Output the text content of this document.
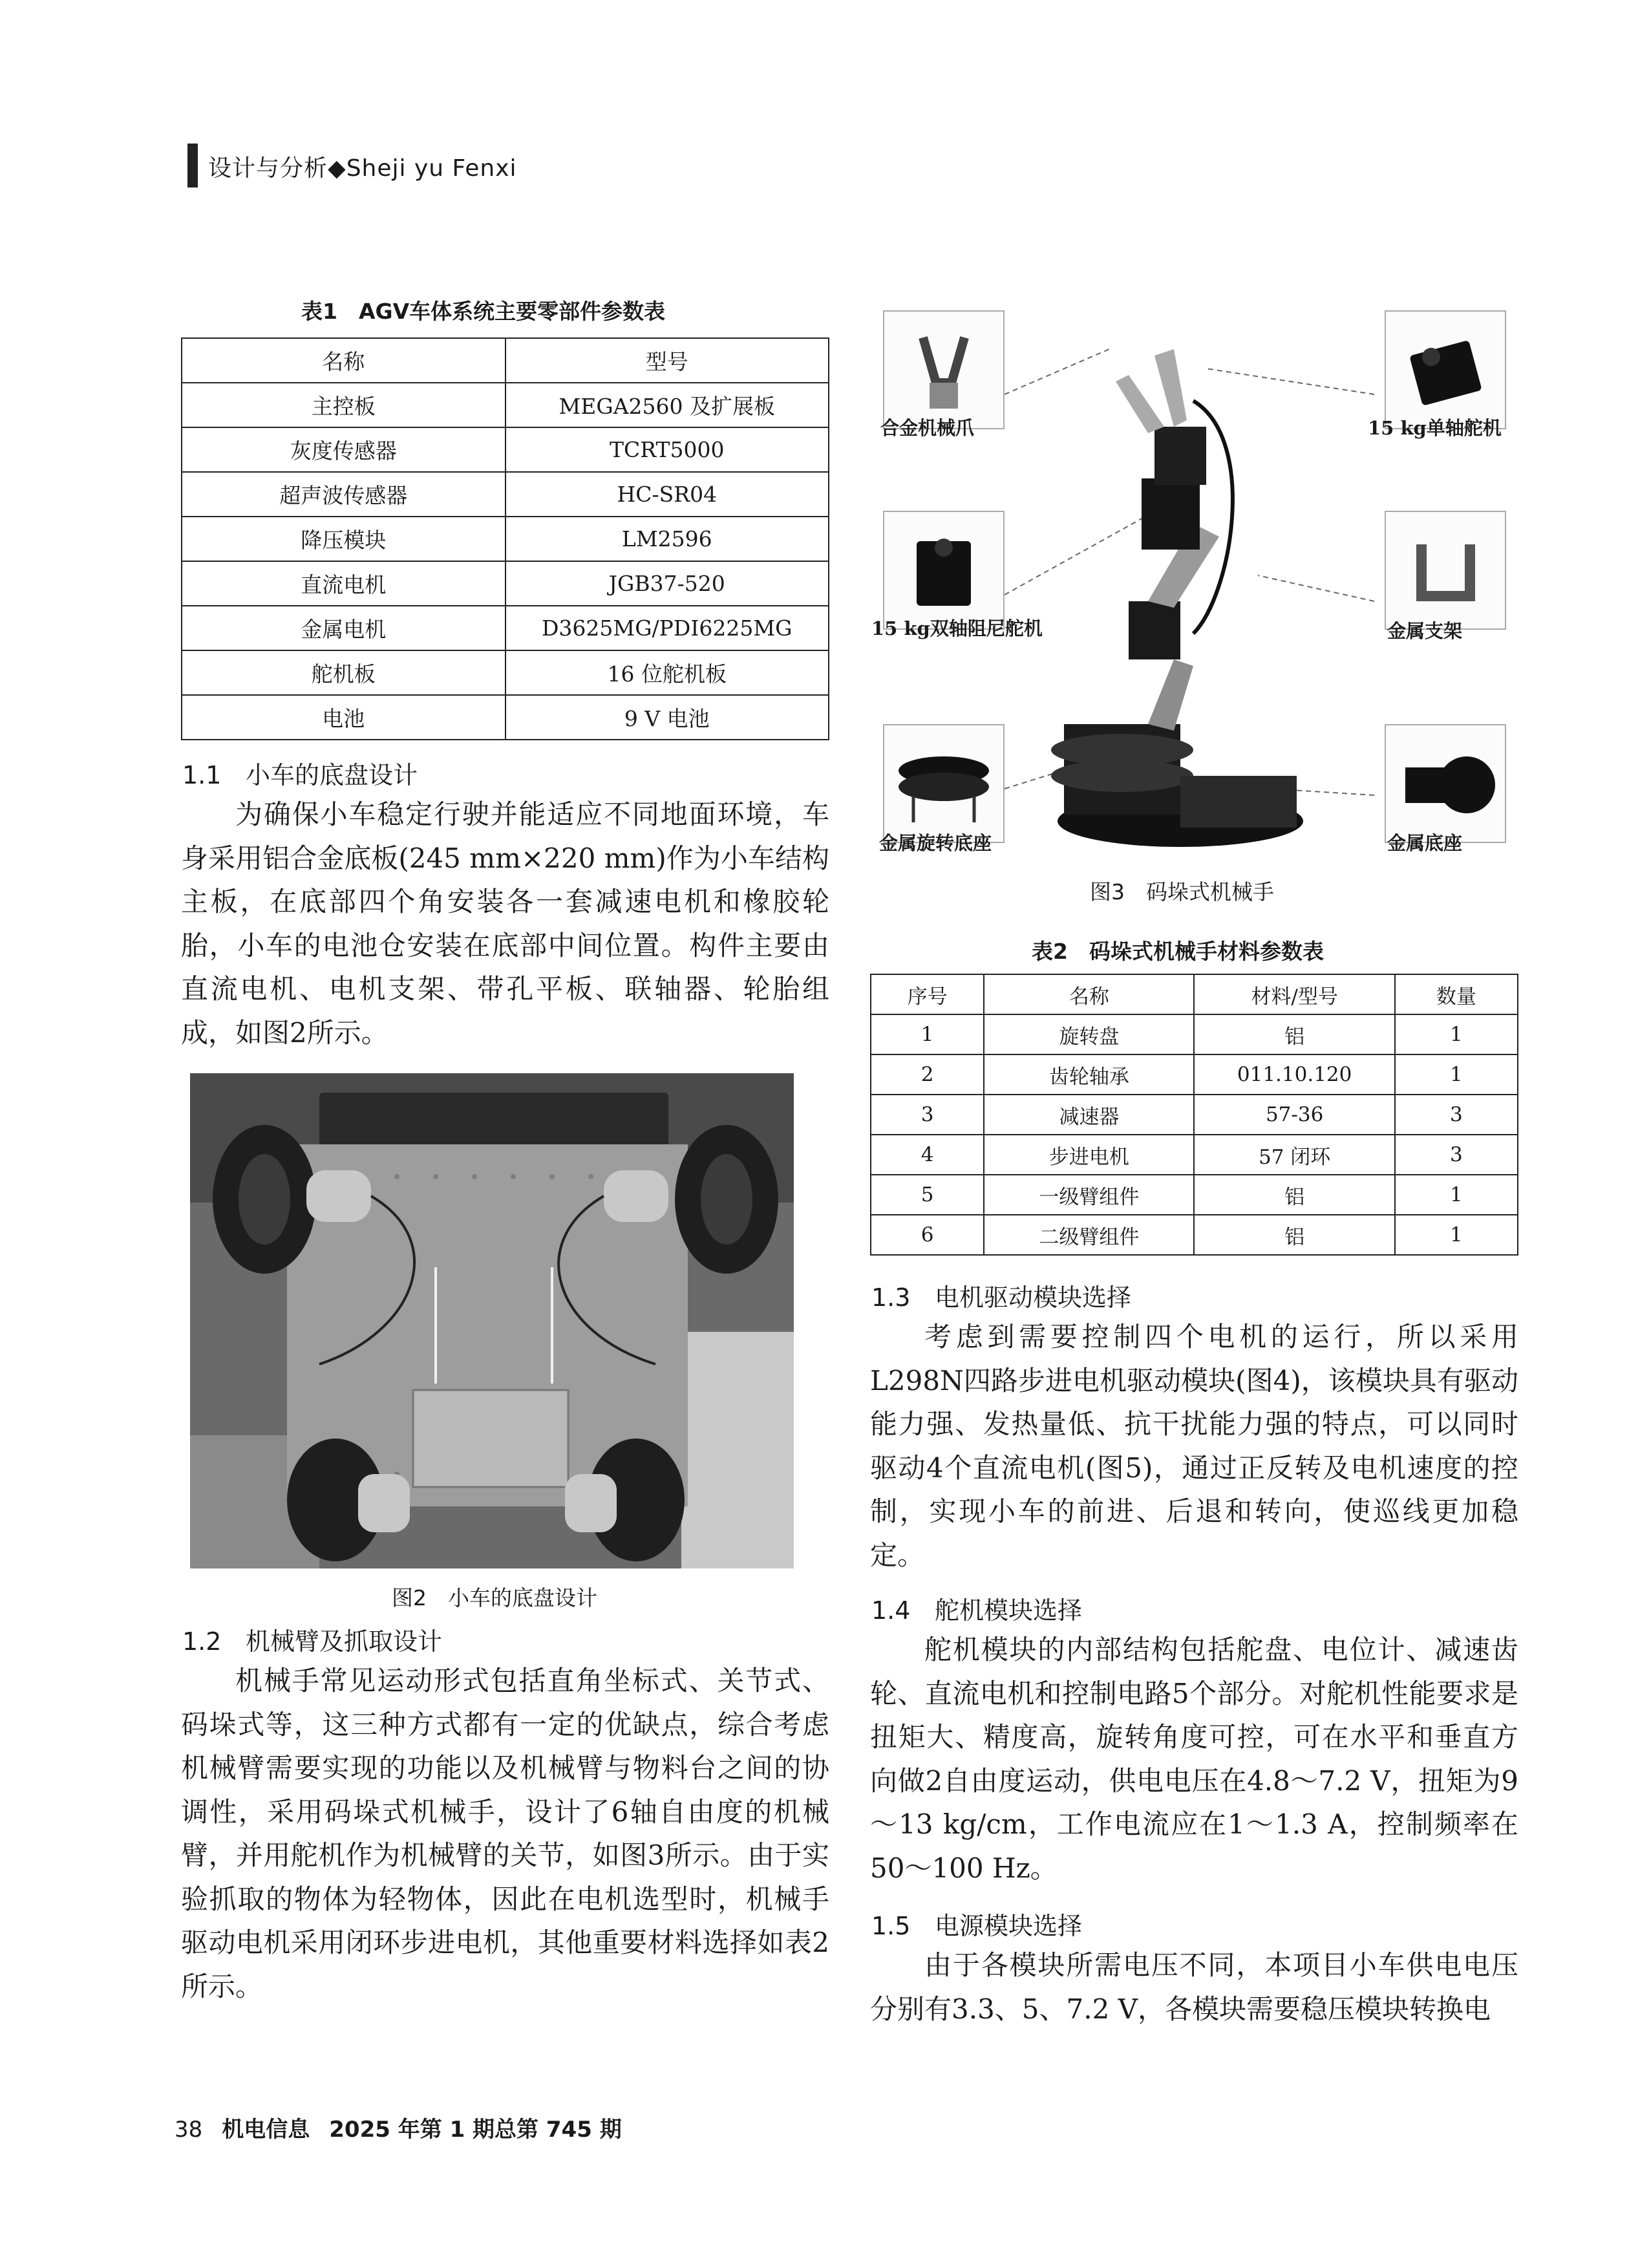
设计与分析◆Sheji yu Fenxi
表1　AGV车体系统主要零部件参数表
名称	型号
主控板	MEGA2560 及扩展板
灰度传感器	TCRT5000
超声波传感器	HC-SR04
降压模块	LM2596
直流电机	JGB37-520
金属电机	D3625MG/PDI6225MG
舵机板	16 位舵机板
电池	9 V 电池
1.1 小车的底盘设计

为确保小车稳定行驶并能适应不同地面环境，车身采用铝合金底板(245 mm×220 mm)作为小车结构主板，在底部四个角安装各一套减速电机和橡胶轮胎，小车的电池仓安装在底部中间位置。构件主要由直流电机、电机支架、带孔平板、联轴器、轮胎组成，如图2所示。

图2　小车的底盘设计
1.2 机械臂及抓取设计

机械手常见运动形式包括直角坐标式、关节式、码垛式等，这三种方式都有一定的优缺点，综合考虑机械臂需要实现的功能以及机械臂与物料台之间的协调性，采用码垛式机械手，设计了6轴自由度的机械臂，并用舵机作为机械臂的关节，如图3所示。由于实验抓取的物体为轻物体，因此在电机选型时，机械手驱动电机采用闭环步进电机，其他重要材料选择如表2所示。

合金机械爪	15 kg单轴舵机
15 kg双轴阻尼舵机	金属支架
金属旋转底座	金属底座
图3　码垛式机械手
表2　码垛式机械手材料参数表
序号	名称	材料/型号	数量
1	旋转盘	铝	1
2	齿轮轴承	011.10.120	1
3	减速器	57-36	3
4	步进电机	57 闭环	3
5	一级臂组件	铝	1
6	二级臂组件	铝	1
1.3 电机驱动模块选择

考虑到需要控制四个电机的运行，所以采用L298N四路步进电机驱动模块(图4)，该模块具有驱动能力强、发热量低、抗干扰能力强的特点，可以同时驱动4个直流电机(图5)，通过正反转及电机速度的控制，实现小车的前进、后退和转向，使巡线更加稳定。

1.4 舵机模块选择

舵机模块的内部结构包括舵盘、电位计、减速齿轮、直流电机和控制电路5个部分。对舵机性能要求是扭矩大、精度高，旋转角度可控，可在水平和垂直方向做2自由度运动，供电电压在4.8～7.2 V，扭矩为9～13 kg/cm，工作电流应在1～1.3 A，控制频率在50～100 Hz。

1.5 电源模块选择

由于各模块所需电压不同，本项目小车供电电压分别有3.3、5、7.2 V，各模块需要稳压模块转换电

38 机电信息 2025 年第 1 期总第 745 期
